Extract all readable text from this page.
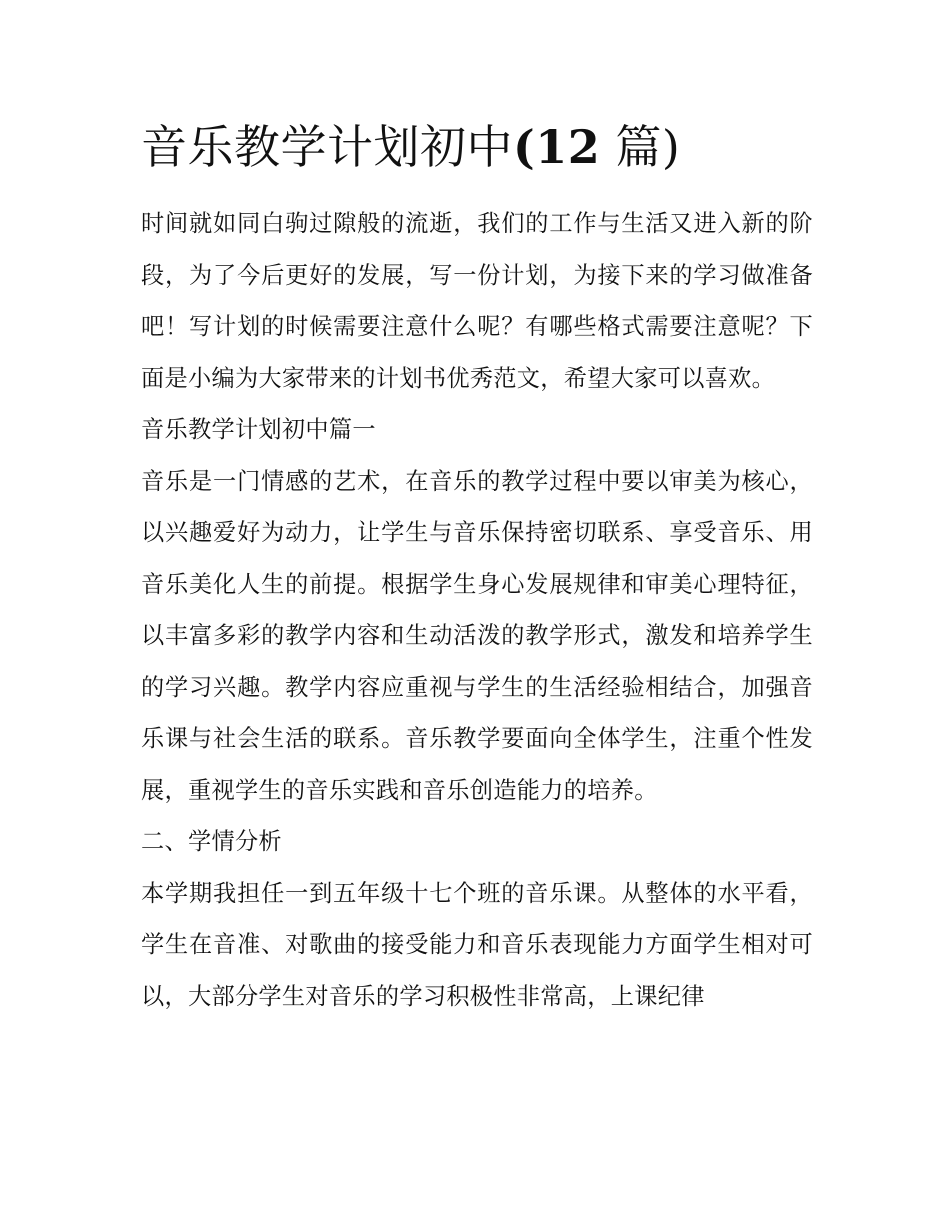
音乐教学计划初中(12 篇)

时间就如同白驹过隙般的流逝，我们的工作与生活又进入新的阶段，为了今后更好的发展，写一份计划，为接下来的学习做准备吧！写计划的时候需要注意什么呢？有哪些格式需要注意呢？下面是小编为大家带来的计划书优秀范文，希望大家可以喜欢。

音乐教学计划初中篇一

音乐是一门情感的艺术，在音乐的教学过程中要以审美为核心，以兴趣爱好为动力，让学生与音乐保持密切联系、享受音乐、用音乐美化人生的前提。根据学生身心发展规律和审美心理特征，以丰富多彩的教学内容和生动活泼的教学形式，激发和培养学生的学习兴趣。教学内容应重视与学生的生活经验相结合，加强音乐课与社会生活的联系。音乐教学要面向全体学生，注重个性发展，重视学生的音乐实践和音乐创造能力的培养。

二、学情分析

本学期我担任一到五年级十七个班的音乐课。从整体的水平看，学生在音准、对歌曲的接受能力和音乐表现能力方面学生相对可以，大部分学生对音乐的学习积极性非常高，上课纪律
